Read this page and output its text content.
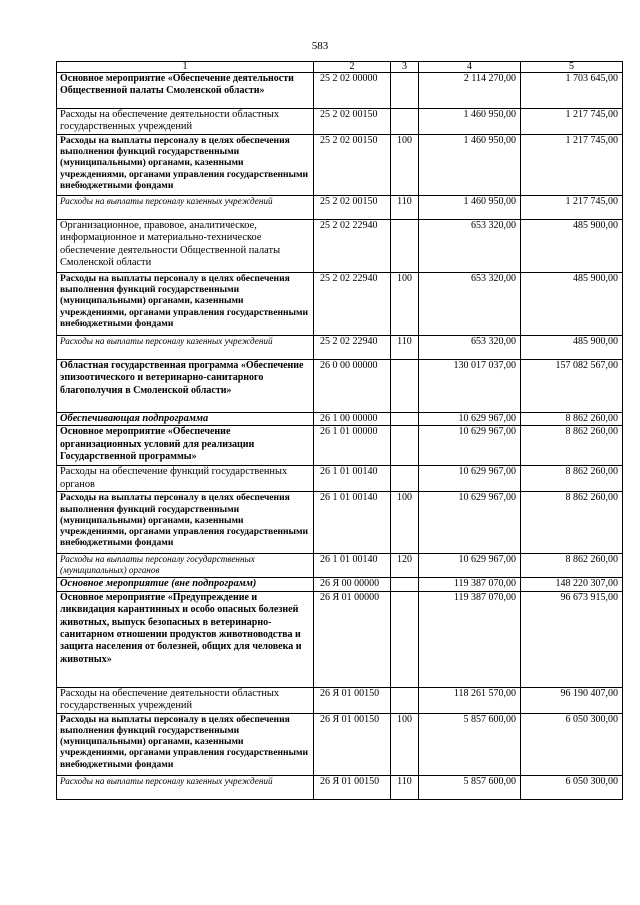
583
1	2	3	4	5
Основное мероприятие «Обеспечение деятельности Общественной палаты Смоленской области»	25 2 02 00000		2 114 270,00	1 703 645,00
Расходы на обеспечение деятельности областных государственных учреждений	25 2 02 00150		1 460 950,00	1 217 745,00
Расходы на выплаты персоналу в целях обеспечения выполнения функций государственными (муниципальными) органами, казенными учреждениями, органами управления государственными внебюджетными фондами	25 2 02 00150	100	1 460 950,00	1 217 745,00
Расходы на выплаты персоналу казенных учреждений	25 2 02 00150	110	1 460 950,00	1 217 745,00
Организационное, правовое, аналитическое, информационное и материально-техническое обеспечение деятельности Общественной палаты Смоленской области	25 2 02 22940		653 320,00	485 900,00
Расходы на выплаты персоналу в целях обеспечения выполнения функций государственными (муниципальными) органами, казенными учреждениями, органами управления государственными внебюджетными фондами	25 2 02 22940	100	653 320,00	485 900,00
Расходы на выплаты персоналу казенных учреждений	25 2 02 22940	110	653 320,00	485 900,00
Областная государственная программа «Обеспечение эпизоотического и ветеринарно-санитарного благополучия в Смоленской области»	26 0 00 00000		130 017 037,00	157 082 567,00
Обеспечивающая подпрограмма	26 1 00 00000		10 629 967,00	8 862 260,00
Основное мероприятие «Обеспечение организационных условий для реализации Государственной программы»	26 1 01 00000		10 629 967,00	8 862 260,00
Расходы на обеспечение функций государственных органов	26 1 01 00140		10 629 967,00	8 862 260,00
Расходы на выплаты персоналу в целях обеспечения выполнения функций государственными (муниципальными) органами, казенными учреждениями, органами управления государственными внебюджетными фондами	26 1 01 00140	100	10 629 967,00	8 862 260,00
Расходы на выплаты персоналу государственных (муниципальных) органов	26 1 01 00140	120	10 629 967,00	8 862 260,00
Основное мероприятие (вне подпрограмм)	26 Я 00 00000		119 387 070,00	148 220 307,00
Основное мероприятие «Предупреждение и ликвидация карантинных и особо опасных болезней животных, выпуск безопасных в ветеринарно-санитарном отношении продуктов животноводства и защита населения от болезней, общих для человека и животных»	26 Я 01 00000		119 387 070,00	96 673 915,00
Расходы на обеспечение деятельности областных государственных учреждений	26 Я 01 00150		118 261 570,00	96 190 407,00
Расходы на выплаты персоналу в целях обеспечения выполнения функций государственными (муниципальными) органами, казенными учреждениями, органами управления государственными внебюджетными фондами	26 Я 01 00150	100	5 857 600,00	6 050 300,00
Расходы на выплаты персоналу казенных учреждений	26 Я 01 00150	110	5 857 600,00	6 050 300,00
